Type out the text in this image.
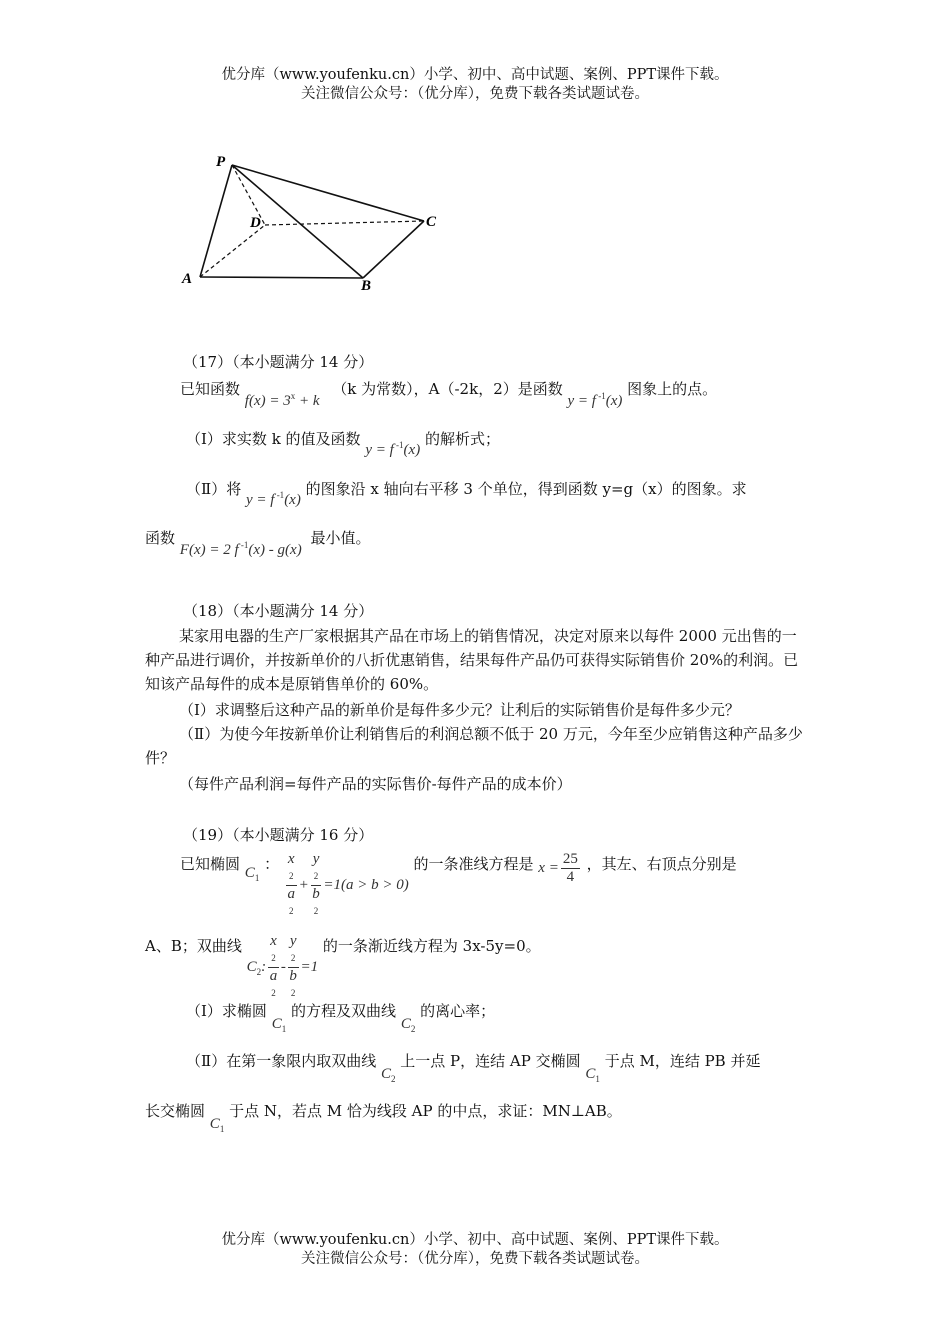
优分库（www.youfenku.cn）小学、初中、高中试题、案例、PPT课件下载。
关注微信公众号：（优分库），免费下载各类试题试卷。
P
D	C
A	B
（17）（本小题满分 14 分）
已知函数 $f(x) = 3^x + k$ （k 为常数），A（-2k，2）是函数 y = f $^{-1}$(x) 图象上的点。
（I）求实数 k 的值及函数 y = f $^{-1}$(x) 的解析式；
（Ⅱ）将 y = f $^{-1}$(x) 的图象沿 x 轴向右平移 3 个单位，得到函数 y=g（x）的图象。求
函数 F(x) = 2 f $^{-1}$(x) - g(x) 最小值。
（18）（本小题满分 14 分）
某家用电器的生产厂家根据其产品在市场上的销售情况，决定对原来以每件 2000 元出售的一种产品进行调价，并按新单价的八折优惠销售，结果每件产品仍可获得实际销售价 20%的利润。已知该产品每件的成本是原销售单价的 60%。
（I）求调整后这种产品的新单价是每件多少元？让利后的实际销售价是每件多少元？
（Ⅱ）为使今年按新单价让利销售后的利润总额不低于 20 万元，今年至少应销售这种产品多少件？
（每件产品利润=每件产品的实际售价-每件产品的成本价）
（19）（本小题满分 16 分）
已知椭圆 $C_1$ ： x
2
a
2 + y
2
b
2 =1(a > b > 0) 的一条准线方程是 $x = \frac{25}{4}$ ，其左、右顶点分别是
A、B；双曲线 $C_2$: x
2
a
2 - y
2
b
2 =1 的一条渐近线方程为 3x-5y=0。
（I）求椭圆 $C_1$ 的方程及双曲线 $C_2$ 的离心率；
（Ⅱ）在第一象限内取双曲线 $C_2$ 上一点 P，连结 AP 交椭圆 $C_1$ 于点 M，连结 PB 并延
长交椭圆 $C_1$ 于点 N，若点 M 恰为线段 AP 的中点，求证：MN⊥AB。
优分库（www.youfenku.cn）小学、初中、高中试题、案例、PPT课件下载。
关注微信公众号：（优分库），免费下载各类试题试卷。
